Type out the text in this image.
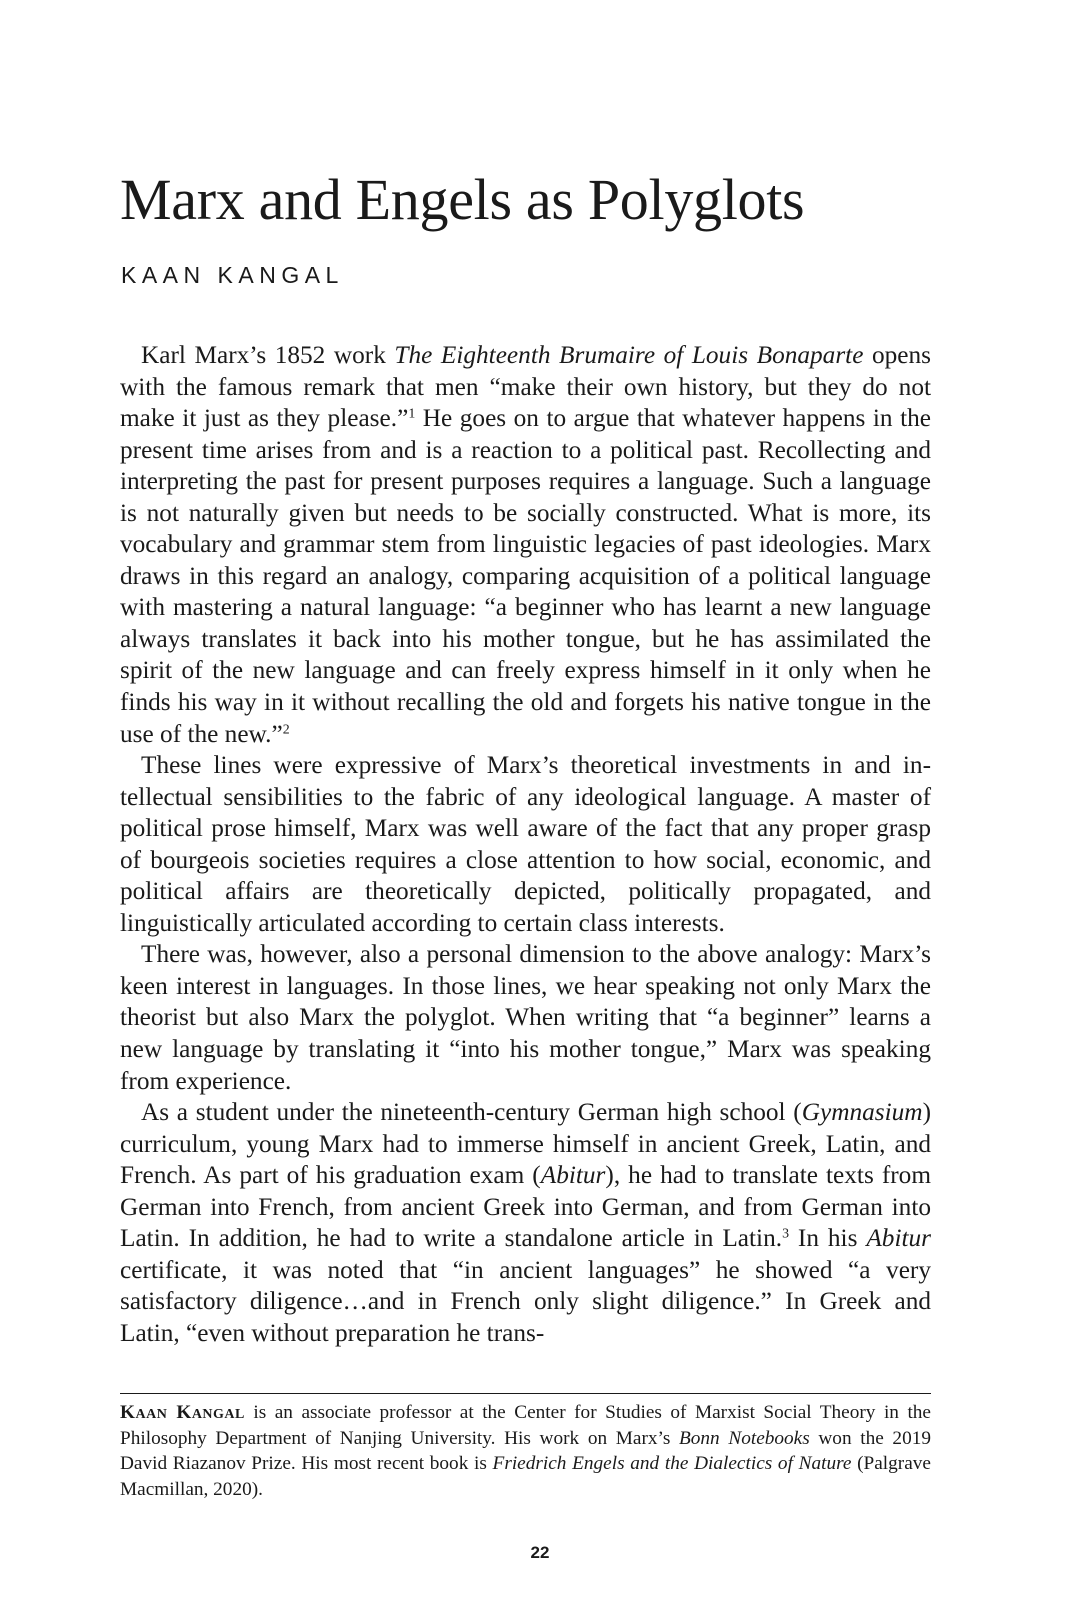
Marx and Engels as Polyglots
KAAN KANGAL

Karl Marx’s 1852 work The Eighteenth Brumaire of Louis Bonaparte opens with the famous remark that men “make their own history, but they do not make it just as they please.”$^1$ He goes on to argue that whatever happens in the present time arises from and is a reaction to a political past. Recollecting and interpreting the past for present purposes requires a language. Such a language is not naturally given but needs to be socially constructed. What is more, its vocabulary and grammar stem from linguistic legacies of past ideologies. Marx draws in this regard an analogy, comparing acquisition of a political language with mastering a natural language: “a beginner who has learnt a new language always translates it back into his mother tongue, but he has assimilated the spirit of the new language and can freely express himself in it only when he finds his way in it without recalling the old and forgets his native tongue in the use of the new.”$^2$

These lines were expressive of Marx’s theoretical investments in and intellectual sensibilities to the fabric of any ideological language. A master of political prose himself, Marx was well aware of the fact that any proper grasp of bourgeois societies requires a close attention to how social, economic, and political affairs are theoretically depicted, politically propagated, and linguistically articulated according to certain class interests.

There was, however, also a personal dimension to the above analogy: Marx’s keen interest in languages. In those lines, we hear speaking not only Marx the theorist but also Marx the polyglot. When writing that “a beginner” learns a new language by translating it “into his mother tongue,” Marx was speaking from experience.

As a student under the nineteenth-century German high school (Gymnasium) curriculum, young Marx had to immerse himself in ancient Greek, Latin, and French. As part of his graduation exam (Abitur), he had to translate texts from German into French, from ancient Greek into German, and from German into Latin. In addition, he had to write a standalone article in Latin.$^3$ In his Abitur certificate, it was noted that “in ancient languages” he showed “a very satisfactory diligence…and in French only slight diligence.” In Greek and Latin, “even without preparation he trans-

Kaan Kangal is an associate professor at the Center for Studies of Marxist Social Theory in the Philosophy Department of Nanjing University. His work on Marx’s Bonn Notebooks won the 2019 David Riazanov Prize. His most recent book is Friedrich Engels and the Dialectics of Nature (Palgrave Macmillan, 2020).

22
